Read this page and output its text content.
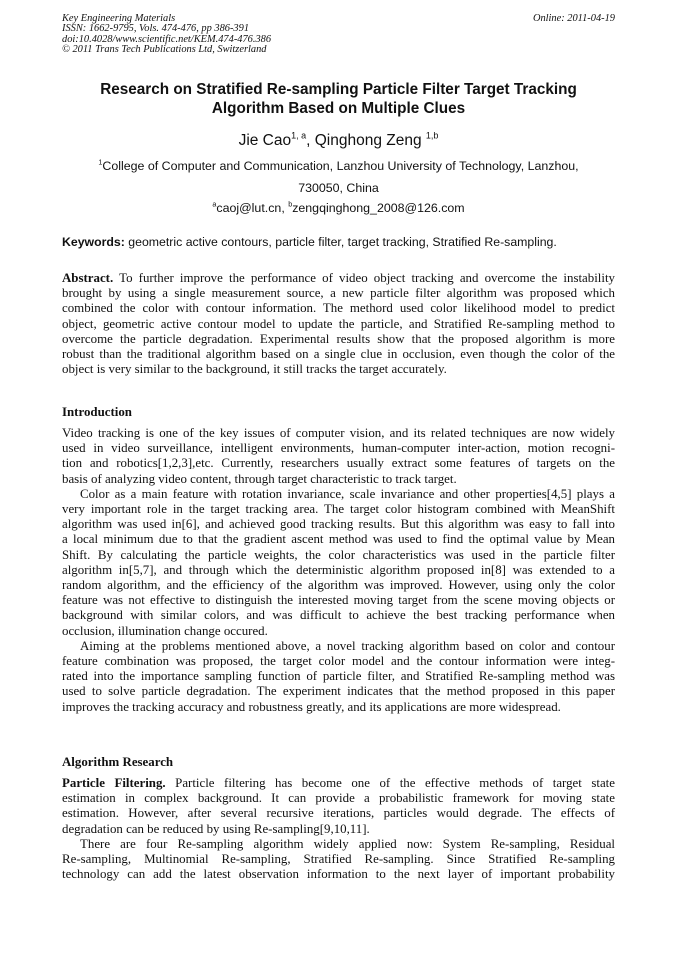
Key Engineering Materials
ISSN: 1662-9795, Vols. 474-476, pp 386-391
doi:10.4028/www.scientific.net/KEM.474-476.386
© 2011 Trans Tech Publications Ltd, Switzerland
Online: 2011-04-19
Research on Stratified Re-sampling Particle Filter Target Tracking
Algorithm Based on Multiple Clues
Jie Cao$^{1, a}$, Qinghong Zeng $^{1,b}$
$^1$College of Computer and Communication, Lanzhou University of Technology, Lanzhou,
730050, China
$^a$caoj@lut.cn, $^b$zengqinghong_2008@126.com
Keywords: geometric active contours, particle filter, target tracking, Stratified Re-sampling.
Abstract. To further improve the performance of video object tracking and overcome the instability
brought by using a single measurement source, a new particle filter algorithm was proposed which
combined the color with contour information. The methord used color likelihood model to predict
object, geometric active contour model to update the particle, and Stratified Re-sampling method to
overcome the particle degradation. Experimental results show that the proposed algorithm is more
robust than the traditional algorithm based on a single clue in occlusion, even though the color of the
object is very similar to the background, it still tracks the target accurately.
Introduction
Video tracking is one of the key issues of computer vision, and its related techniques are now widely
used in video surveillance, intelligent environments, human-computer inter-action, motion recogni-
tion and robotics[1,2,3],etc. Currently, researchers usually extract some features of targets on the
basis of analyzing video content, through target characteristic to track target.
Color as a main feature with rotation invariance, scale invariance and other properties[4,5] plays a
very important role in the target tracking area. The target color histogram combined with MeanShift
algorithm was used in[6], and achieved good tracking results. But this algorithm was easy to fall into
a local minimum due to that the gradient ascent method was used to find the optimal value by Mean
Shift. By calculating the particle weights, the color characteristics was used in the particle filter
algorithm in[5,7], and through which the deterministic algorithm proposed in[8] was extended to a
random algorithm, and the efficiency of the algorithm was improved. However, using only the color
feature was not effective to distinguish the interested moving target from the scene moving objects or
background with similar colors, and was difficult to achieve the best tracking performance when
occlusion, illumination change occured.
Aiming at the problems mentioned above, a novel tracking algorithm based on color and contour
feature combination was proposed, the target color model and the contour information were integ-
rated into the importance sampling function of particle filter, and Stratified Re-sampling method was
used to solve particle degradation. The experiment indicates that the method proposed in this paper
improves the tracking accuracy and robustness greatly, and its applications are more widespread.
Algorithm Research
Particle Filtering. Particle filtering has become one of the effective methods of target state
estimation in complex background. It can provide a probabilistic framework for moving state
estimation. However, after several recursive iterations, particles would degrade. The effects of
degradation can be reduced by using Re-sampling[9,10,11].
There are four Re-sampling algorithm widely applied now: System Re-sampling, Residual
Re-sampling, Multinomial Re-sampling, Stratified Re-sampling. Since Stratified Re-sampling
technology can add the latest observation information to the next layer of important probability
